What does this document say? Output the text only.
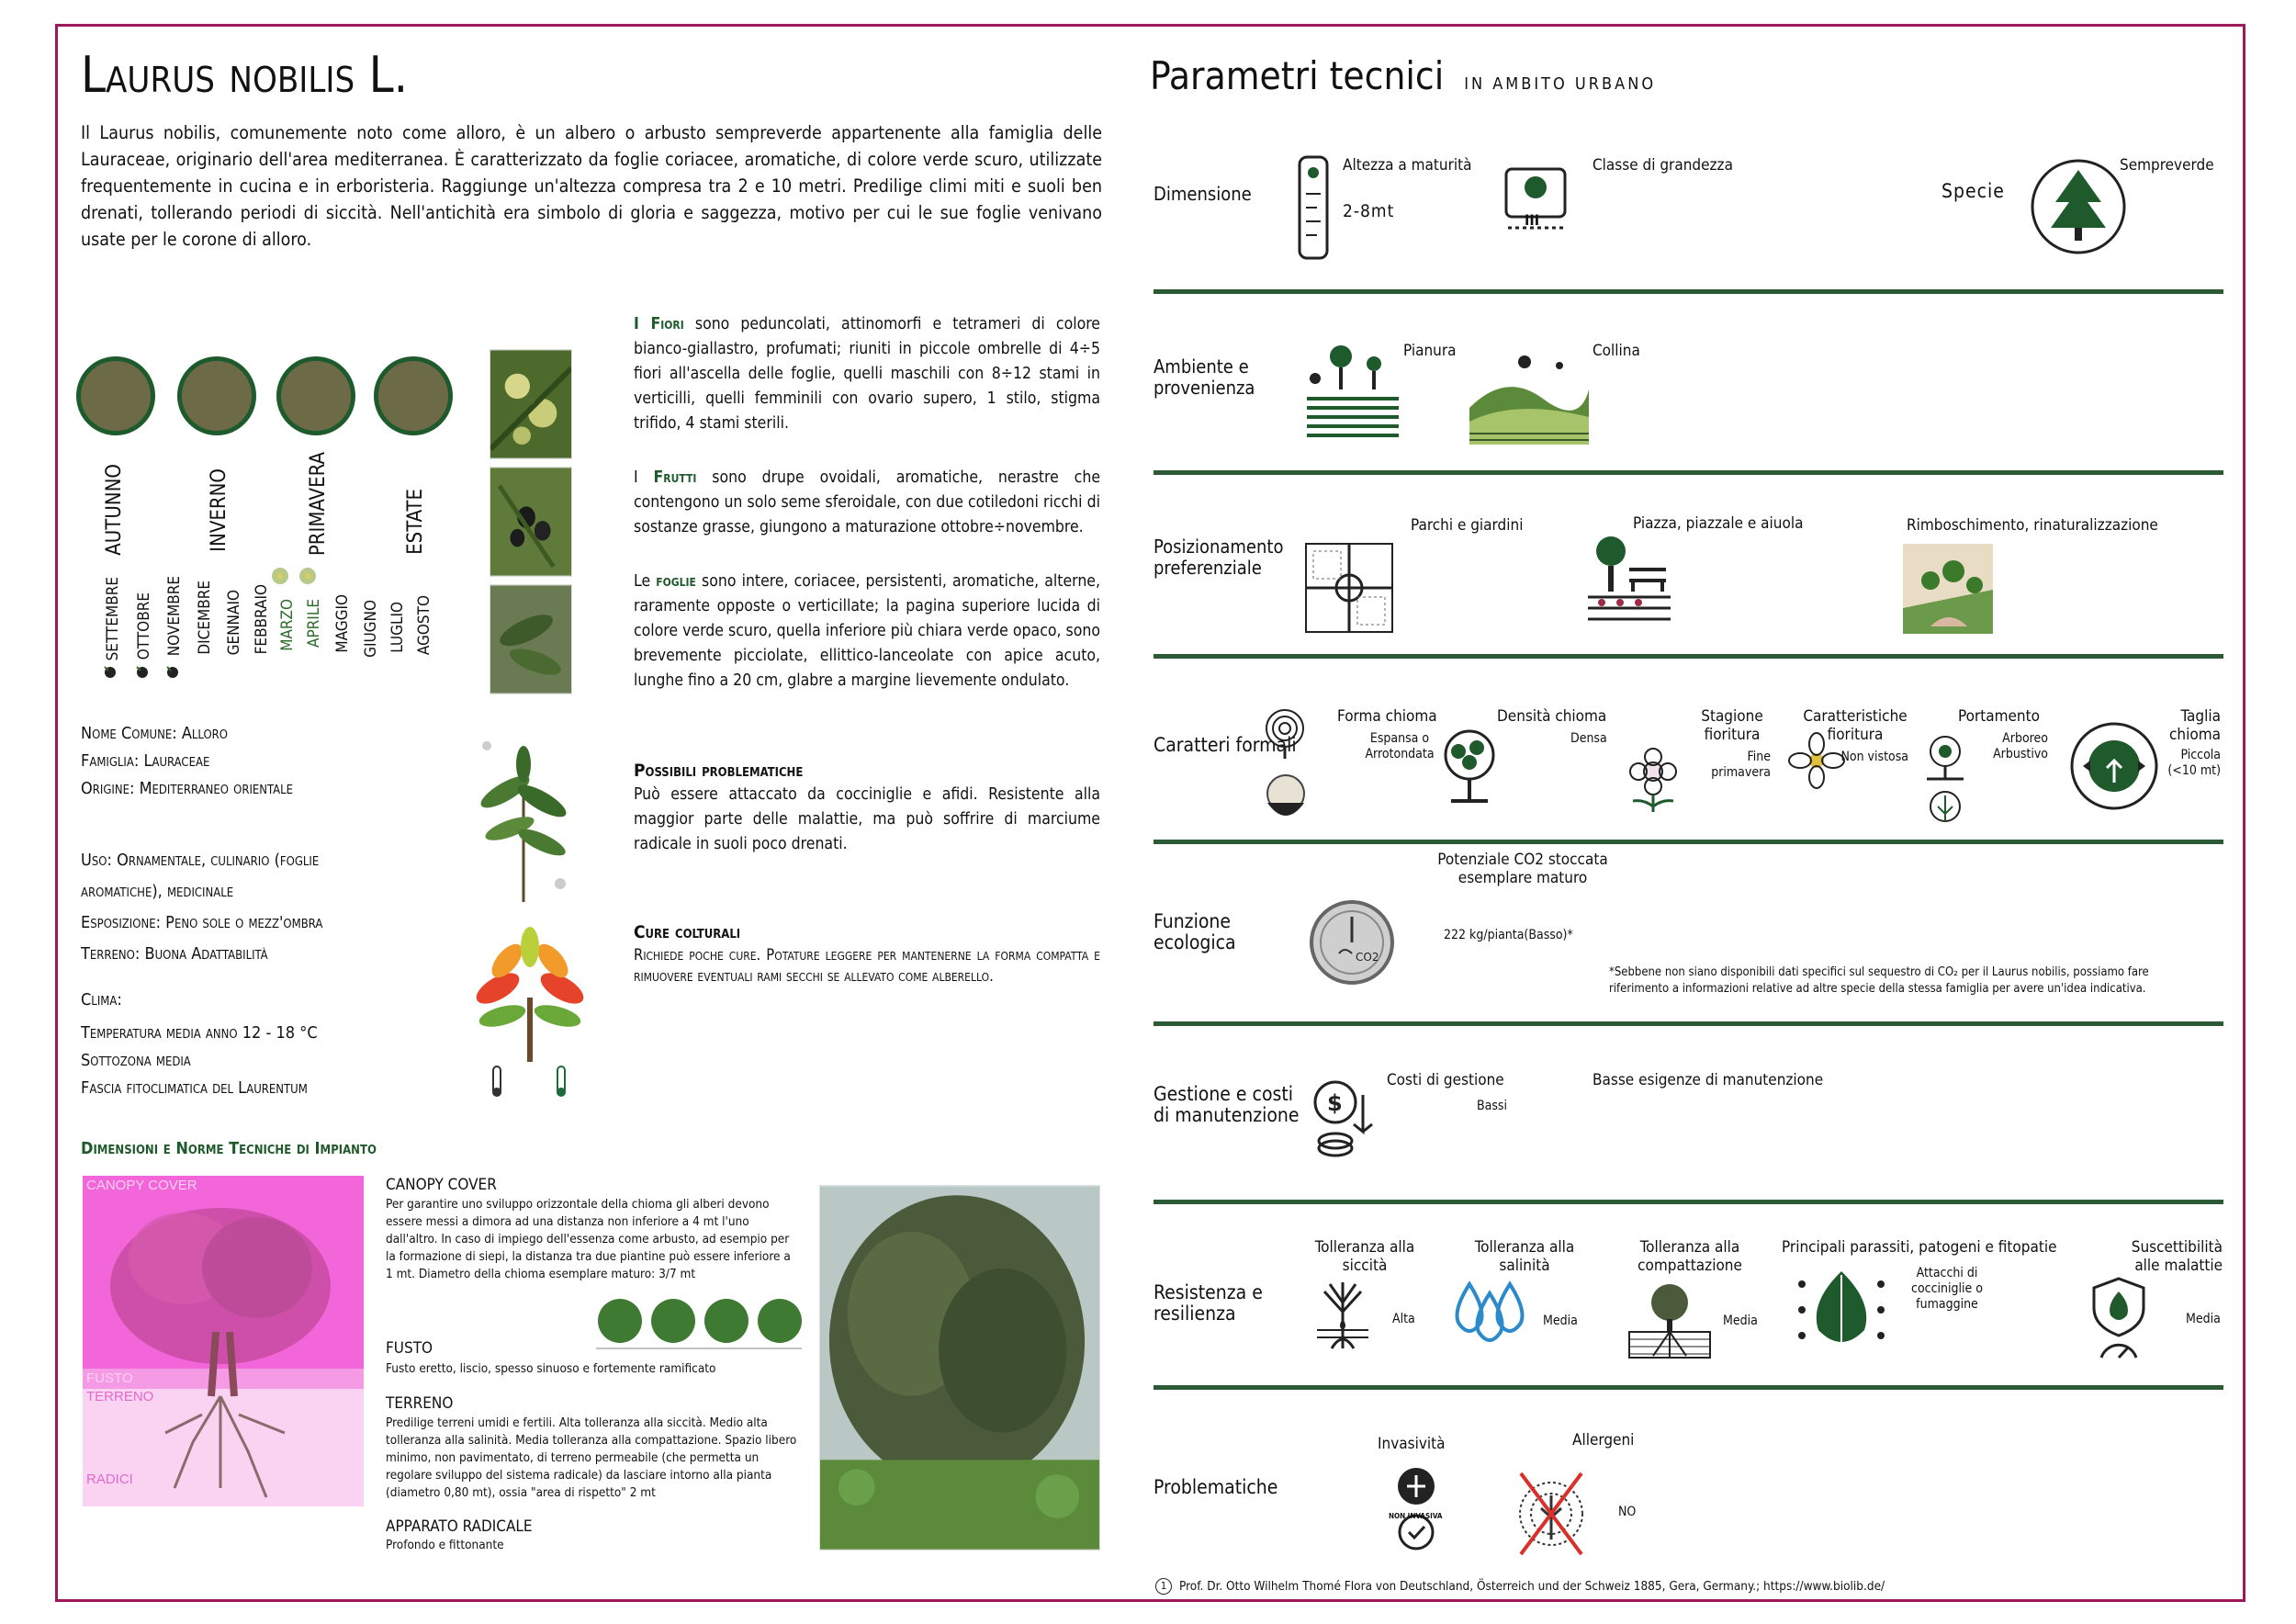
Laurus nobilis L.

Il Laurus nobilis, comunemente noto come alloro, è un albero o arbusto sempreverde appartenente alla famiglia delle Lauraceae, originario dell'area mediterranea. È caratterizzato da foglie coriacee, aromatiche, di colore verde scuro, utilizzate frequentemente in cucina e in erboristeria. Raggiunge un'altezza compresa tra 2 e 10 metri. Predilige climi miti e suoli ben drenati, tollerando periodi di siccità. Nell'antichità era simbolo di gloria e saggezza, motivo per cui le sue foglie venivano usate per le corone di alloro.

AUTUNNO	INVERNO	PRIMAVERA	ESTATE
SETTEMBRE OTTOBRE NOVEMBRE DICEMBRE GENNAIO FEBBRAIO MARZO APRILE MAGGIO GIUGNO LUGLIO AGOSTO

I Fiori sono peduncolati, attinomorfi e tetrameri di colore bianco-giallastro, profumati; riuniti in piccole ombrelle di 4÷5 fiori all'ascella delle foglie, quelli maschili con 8÷12 stami in verticilli, quelli femminili con ovario supero, 1 stilo, stigma trifido, 4 stami sterili.

I Frutti sono drupe ovoidali, aromatiche, nerastre che contengono un solo seme sferoidale, con due cotiledoni ricchi di sostanze grasse, giungono a maturazione ottobre÷novembre.

Le foglie sono intere, coriacee, persistenti, aromatiche, alterne, raramente opposte o verticillate; la pagina superiore lucida di colore verde scuro, quella inferiore più chiara verde opaco, sono brevemente picciolate, ellittico-lanceolate con apice acuto, lunghe fino a 20 cm, glabre a margine lievemente ondulato.

Possibili problematiche

Può essere attaccato da cocciniglie e afidi. Resistente alla maggior parte delle malattie, ma può soffrire di marciume radicale in suoli poco drenati.

Cure colturali

Richiede poche cure. Potature leggere per mantenerne la forma compatta e rimuovere eventuali rami secchi se allevato come alberello.

Nome Comune: Alloro
Famiglia: Lauraceae
Origine: Mediterraneo orientale
Uso: Ornamentale, culinario (foglie
aromatiche), medicinale
Esposizione: Peno sole o mezz'ombra
Terreno: Buona Adattabilità
Clima:
Temperatura media anno 12 - 18 °C
Sottozona media
Fascia fitoclimatica del Laurentum
Dimensioni e Norme Tecniche di Impianto
CANOPY COVER
FUSTO
TERRENO
RADICI
CANOPY COVER

Per garantire uno sviluppo orizzontale della chioma gli alberi devono essere messi a dimora ad una distanza non inferiore a 4 mt l'uno dall'altro. In caso di impiego dell'essenza come arbusto, ad esempio per la formazione di siepi, la distanza tra due piantine può essere inferiore a 1 mt. Diametro della chioma esemplare maturo: 3/7 mt

FUSTO
Fusto eretto, liscio, spesso sinuoso e fortemente ramificato
TERRENO

Predilige terreni umidi e fertili. Alta tolleranza alla siccità. Medio alta tolleranza alla salinità. Media tolleranza alla compattazione. Spazio libero minimo, non pavimentato, di terreno permeabile (che permetta un regolare sviluppo del sistema radicale) da lasciare intorno alla pianta (diametro 0,80 mt), ossia "area di rispetto" 2 mt

APPARATO RADICALE
Profondo e fittonante
Parametri tecnici IN AMBITO URBANO
Dimensione
Altezza a maturità
2-8mt	III
Classe di grandezza
Specie
Sempreverde
Ambiente e provenienza
Pianura	Collina
Posizionamento preferenziale
Parchi e giardini	Piazza, piazzale e aiuola	Rimboschimento, rinaturalizzazione
Caratteri formali
Forma chioma
Espansa o Arrotondata
Densità chioma
Densa
Stagione fioritura
Fine primavera
Caratteristiche fioritura
Non vistosa
Portamento
Arboreo Arbustivo
Taglia chioma
Piccola (<10 mt)
Funzione ecologica
CO2
Potenziale CO2 stoccata esemplare maturo
222 kg/pianta(Basso)*

*Sebbene non siano disponibili dati specifici sul sequestro di CO₂ per il Laurus nobilis, possiamo fare riferimento a informazioni relative ad altre specie della stessa famiglia per avere un'idea indicativa.

Gestione e costi di manutenzione $
Costi di gestione
Bassi
Basse esigenze di manutenzione
Resistenza e resilienza
Tolleranza alla siccità
Alta
Tolleranza alla salinità
Media
Tolleranza alla compattazione
Media
Principali parassiti, patogeni e fitopatie
Attacchi di cocciniglie o fumaggine
Suscettibilità alle malattie
Media
Problematiche
Invasività
NON INVASIVA
Allergeni
NO
1	Prof. Dr. Otto Wilhelm Thomé Flora von Deutschland, Österreich und der Schweiz 1885, Gera, Germany.; https://www.biolib.de/
